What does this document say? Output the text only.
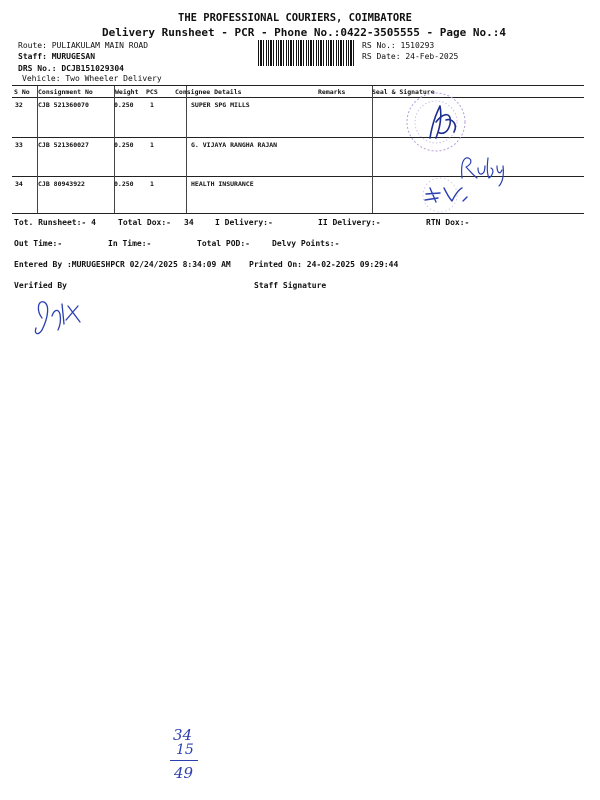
THE PROFESSIONAL COURIERS, COIMBATORE
Delivery Runsheet - PCR - Phone No.:0422-3505555 - Page No.:4
Route: PULIAKULAM MAIN ROAD
Staff: MURUGESAN
DRS No.: DCJB151029304
Vehicle: Two Wheeler Delivery
RS No.: 1510293
RS Date: 24-Feb-2025
S No Consignment No	Weight PCS	Consignee Details	Remarks	Seal & Signature
32 CJB 521360070	0.250	1	SUPER SPG MILLS
33 CJB 521360027	0.250	1	G. VIJAYA RANGHA RAJAN
34 CJB 80943922	0.250	1	HEALTH INSURANCE
Tot. Runsheet:- 4	Total Dox:- 34	I Delivery:-	II Delivery:-	RTN Dox:-
Out Time:-	In Time:-	Total POD:-	Delvy Points:-
Entered By :MURUGESHPCR 02/24/2025 8:34:09 AM Printed On: 24-02-2025 09:29:44
Verified By	Staff Signature
34
15
49
